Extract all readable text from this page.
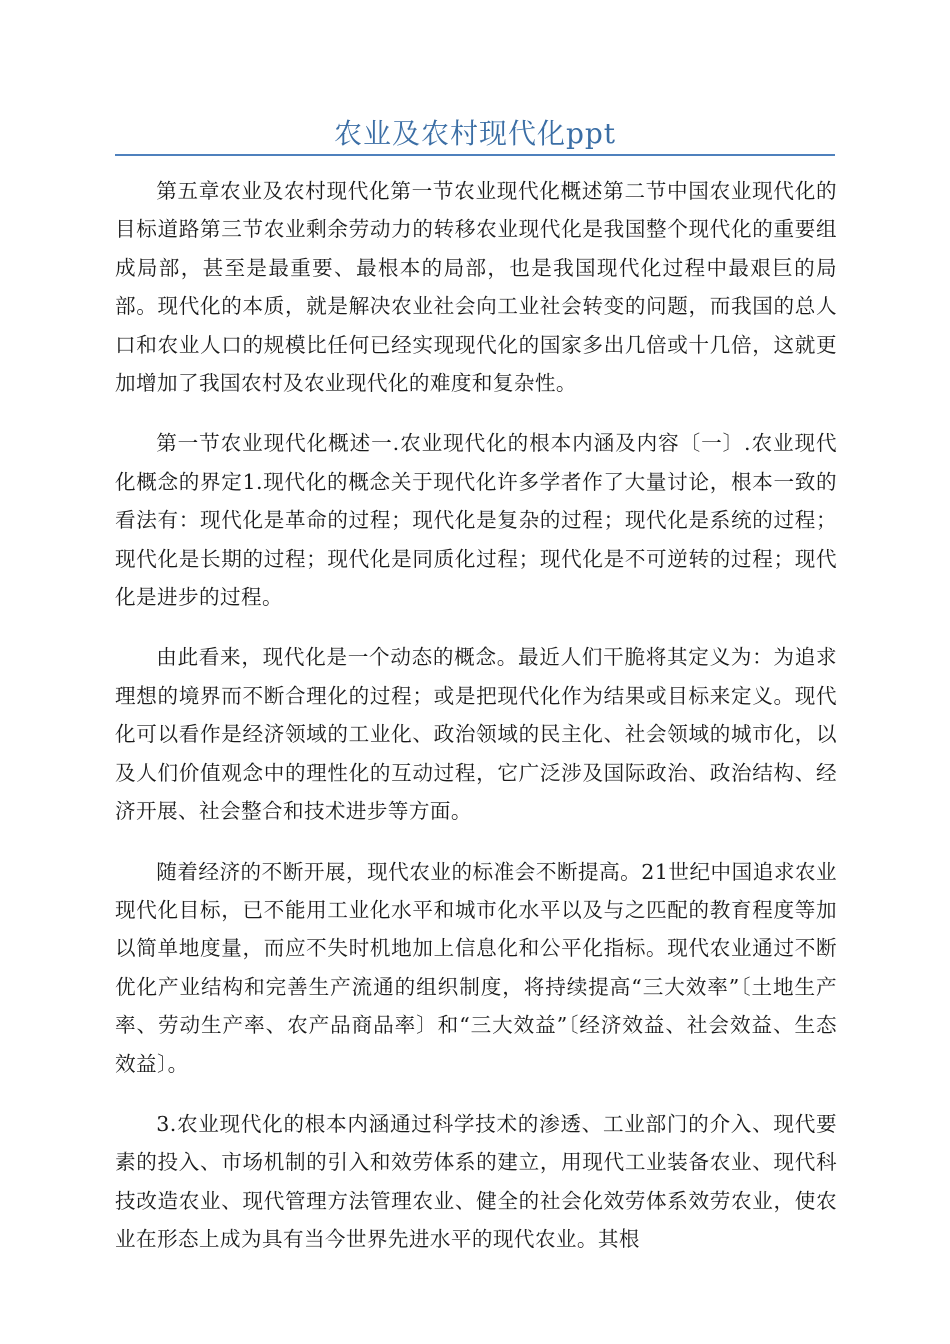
农业及农村现代化ppt

第五章农业及农村现代化第一节农业现代化概述第二节中国农业现代化的目标道路第三节农业剩余劳动力的转移农业现代化是我国整个现代化的重要组成局部，甚至是最重要、最根本的局部，也是我国现代化过程中最艰巨的局部。现代化的本质，就是解决农业社会向工业社会转变的问题，而我国的总人口和农业人口的规模比任何已经实现现代化的国家多出几倍或十几倍，这就更加增加了我国农村及农业现代化的难度和复杂性。

第一节农业现代化概述一.农业现代化的根本内涵及内容〔一〕.农业现代化概念的界定1.现代化的概念关于现代化许多学者作了大量讨论，根本一致的看法有：现代化是革命的过程；现代化是复杂的过程；现代化是系统的过程；现代化是长期的过程；现代化是同质化过程；现代化是不可逆转的过程；现代化是进步的过程。

由此看来，现代化是一个动态的概念。最近人们干脆将其定义为：为追求理想的境界而不断合理化的过程；或是把现代化作为结果或目标来定义。现代化可以看作是经济领域的工业化、政治领域的民主化、社会领域的城市化，以及人们价值观念中的理性化的互动过程，它广泛涉及国际政治、政治结构、经济开展、社会整合和技术进步等方面。

随着经济的不断开展，现代农业的标准会不断提高。21世纪中国追求农业现代化目标，已不能用工业化水平和城市化水平以及与之匹配的教育程度等加以简单地度量，而应不失时机地加上信息化和公平化指标。现代农业通过不断优化产业结构和完善生产流通的组织制度，将持续提高“三大效率”〔土地生产率、劳动生产率、农产品商品率〕和“三大效益”〔经济效益、社会效益、生态效益〕。

3.农业现代化的根本内涵通过科学技术的渗透、工业部门的介入、现代要素的投入、市场机制的引入和效劳体系的建立，用现代工业装备农业、现代科技改造农业、现代管理方法管理农业、健全的社会化效劳体系效劳农业，使农业在形态上成为具有当今世界先进水平的现代农业。其根
